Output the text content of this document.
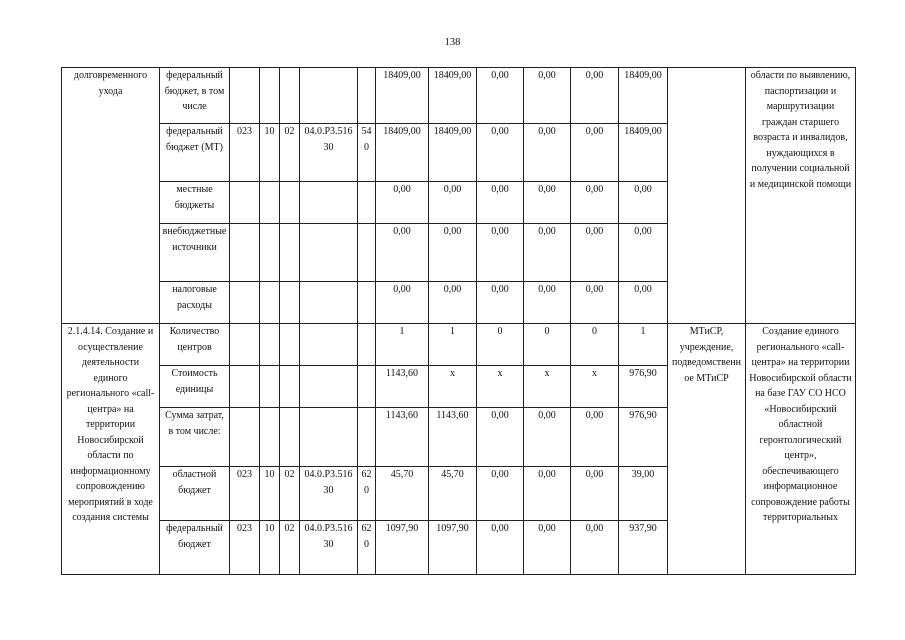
138
долговременного ухода	федеральный бюджет, в том числе						18409,00	18409,00	0,00	0,00	0,00	18409,00		области по выявлению, паспортизации и маршрутизации граждан старшего возраста и инвалидов, нуждающихся в получении социальной и медицинской помощи
	федеральный бюджет (МТ)	023	10	02	04.0.Р3.51630	540	18409,00	18409,00	0,00	0,00	0,00	18409,00		
	местные бюджеты						0,00	0,00	0,00	0,00	0,00	0,00		
	внебюджетные источники						0,00	0,00	0,00	0,00	0,00	0,00		
	налоговые расходы						0,00	0,00	0,00	0,00	0,00	0,00		
2.1.4.14. Создание и осуществление деятельности единого регионального «call-центра» на территории Новосибирской области по информационному сопровождению мероприятий в ходе создания системы	Количество центров						1	1	0	0	0	1	МТиСР, учреждение, подведомственное МТиСР	Создание единого регионального «call-центра» на территории Новосибирской области на базе ГАУ СО НСО «Новосибирский областной геронтологический центр», обеспечивающего информационное сопровождение работы территориальных
	Стоимость единицы						1143,60	х	х	х	х	976,90		
	Сумма затрат, в том числе:						1143,60	1143,60	0,00	0,00	0,00	976,90		
	областной бюджет	023	10	02	04.0.Р3.51630	620	45,70	45,70	0,00	0,00	0,00	39,00		
	федеральный бюджет	023	10	02	04.0.Р3.51630	620	1097,90	1097,90	0,00	0,00	0,00	937,90		
